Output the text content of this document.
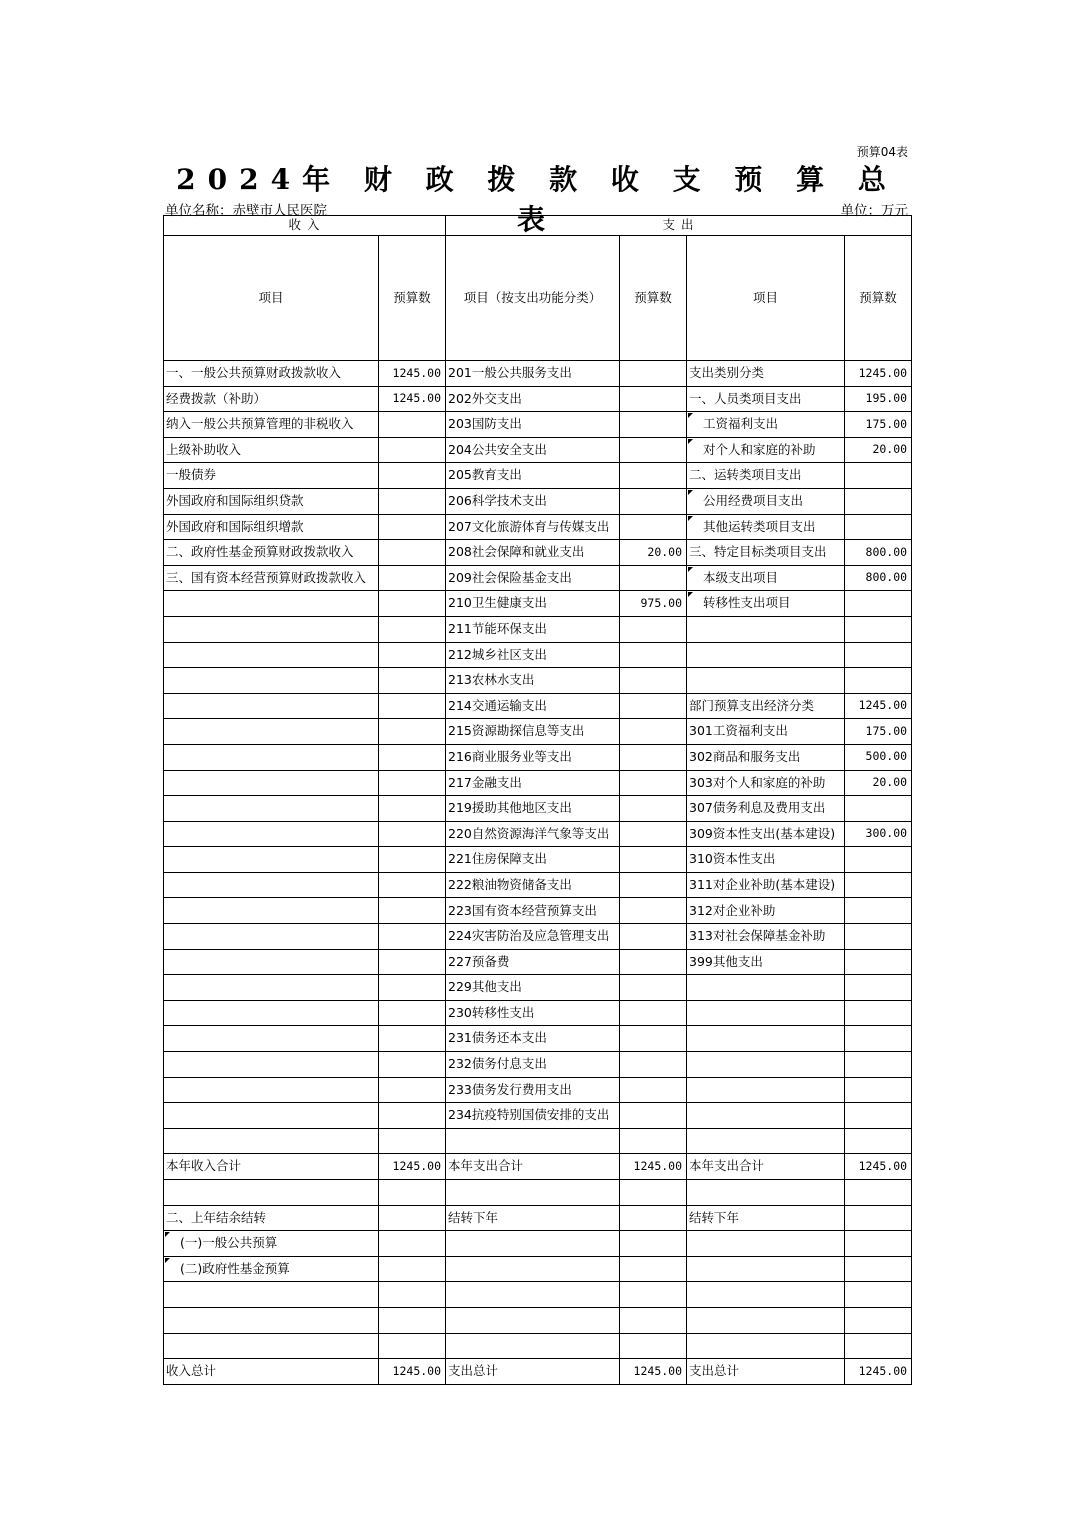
预算04表
2024年 财 政 拨 款 收 支 预 算 总 表
单位名称：赤壁市人民医院	单位：万元
收 入		支 出			
项目	预算数	项目（按支出功能分类）	预算数	项目	预算数
一、一般公共预算财政拨款收入	1245.00	201一般公共服务支出		支出类别分类	1245.00
经费拨款（补助）	1245.00	202外交支出		一、人员类项目支出	195.00
纳入一般公共预算管理的非税收入		203国防支出		工资福利支出	175.00
上级补助收入		204公共安全支出		对个人和家庭的补助	20.00
一般债券		205教育支出		二、运转类项目支出	
外国政府和国际组织贷款		206科学技术支出		公用经费项目支出	
外国政府和国际组织增款		207文化旅游体育与传媒支出		其他运转类项目支出	
二、政府性基金预算财政拨款收入		208社会保障和就业支出	20.00	三、特定目标类项目支出	800.00
三、国有资本经营预算财政拨款收入		209社会保险基金支出		本级支出项目	800.00
		210卫生健康支出	975.00	转移性支出项目	
		211节能环保支出			
		212城乡社区支出			
		213农林水支出			
		214交通运输支出		部门预算支出经济分类	1245.00
		215资源勘探信息等支出		301工资福利支出	175.00
		216商业服务业等支出		302商品和服务支出	500.00
		217金融支出		303对个人和家庭的补助	20.00
		219援助其他地区支出		307债务利息及费用支出	
		220自然资源海洋气象等支出		309资本性支出(基本建设)	300.00
		221住房保障支出		310资本性支出	
		222粮油物资储备支出		311对企业补助(基本建设)	
		223国有资本经营预算支出		312对企业补助	
		224灾害防治及应急管理支出		313对社会保障基金补助	
		227预备费		399其他支出	
		229其他支出			
		230转移性支出			
		231债务还本支出			
		232债务付息支出			
		233债务发行费用支出			
		234抗疫特别国债安排的支出			

本年收入合计	1245.00	本年支出合计	1245.00	本年支出合计	1245.00

二、上年结余结转		结转下年		结转下年	
(一)一般公共预算					
(二)政府性基金预算					

收入总计	1245.00	支出总计	1245.00	支出总计	1245.00
